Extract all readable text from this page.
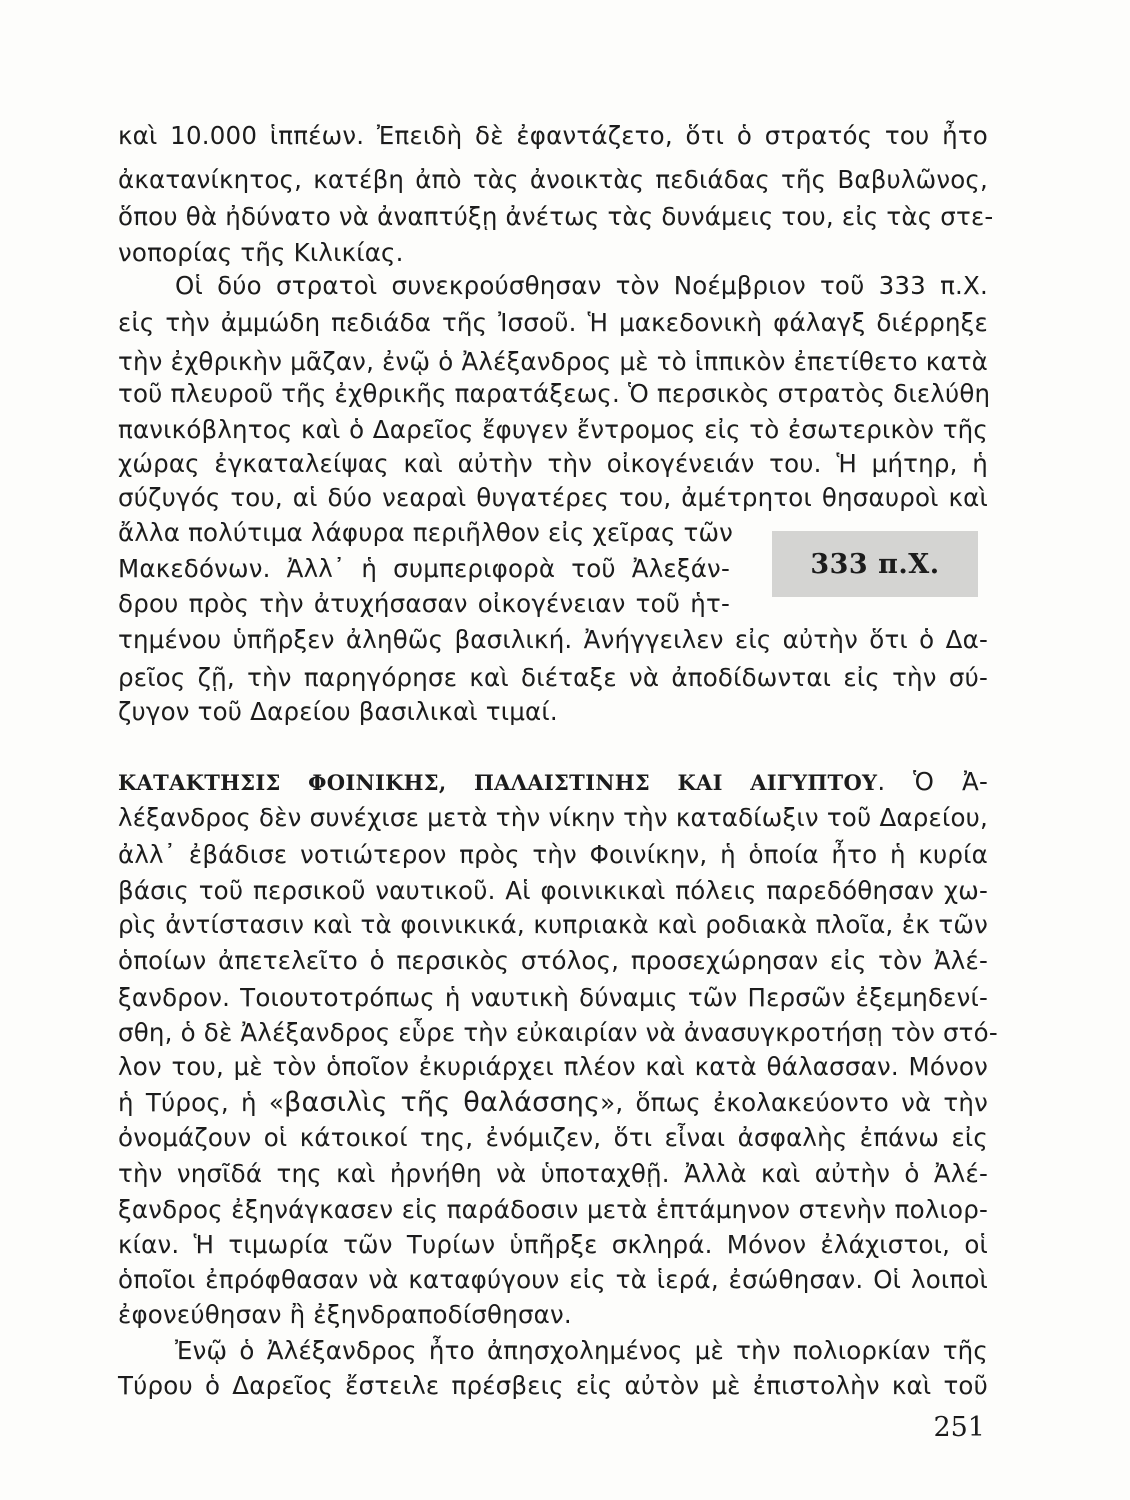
καὶ 10.000 ἱππέων. Ἐπειδὴ δὲ ἐφαντάζετο, ὅτι ὁ στρατός του ἦτο
ἀκατανίκητος, κατέβη ἀπὸ τὰς ἀνοικτὰς πεδιάδας τῆς Βαβυλῶνος,
ὅπου θὰ ἠδύνατο νὰ ἀναπτύξῃ ἀνέτως τὰς δυνάμεις του, εἰς τὰς στε-
νοπορίας τῆς Κιλικίας.
Οἱ δύο στρατοὶ συνεκρούσθησαν τὸν Νοέμβριον τοῦ 333 π.Χ.
εἰς τὴν ἀμμώδη πεδιάδα τῆς Ἰσσοῦ. Ἡ μακεδονικὴ φάλαγξ διέρρηξε
τὴν ἐχθρικὴν μᾶζαν, ἐνῷ ὁ Ἀλέξανδρος μὲ τὸ ἱππικὸν ἐπετίθετο κατὰ
τοῦ πλευροῦ τῆς ἐχθρικῆς παρατάξεως. Ὁ περσικὸς στρατὸς διελύθη
πανικόβλητος καὶ ὁ Δαρεῖος ἔφυγεν ἔντρομος εἰς τὸ ἐσωτερικὸν τῆς
χώρας ἐγκαταλείψας καὶ αὐτὴν τὴν οἰκογένειάν του. Ἡ μήτηρ, ἡ
σύζυγός του, αἱ δύο νεαραὶ θυγατέρες του, ἀμέτρητοι θησαυροὶ καὶ
ἄλλα πολύτιμα λάφυρα περιῆλθον εἰς χεῖρας τῶν
Μακεδόνων. Ἀλλ᾽ ἡ συμπεριφορὰ τοῦ Ἀλεξάν-
δρου πρὸς τὴν ἀτυχήσασαν οἰκογένειαν τοῦ ἡτ-
τημένου ὑπῆρξεν ἀληθῶς βασιλική. Ἀνήγγειλεν εἰς αὐτὴν ὅτι ὁ Δα-
ρεῖος ζῇ, τὴν παρηγόρησε καὶ διέταξε νὰ ἀποδίδωνται εἰς τὴν σύ-
ζυγον τοῦ Δαρείου βασιλικαὶ τιμαί.
333 π.Χ.
ΚΑΤΑΚΤΗΣΙΣ ΦΟΙΝΙΚΗΣ, ΠΑΛΑΙΣΤΙΝΗΣ ΚΑΙ ΑΙΓΥΠΤΟΥ. Ὁ Ἀ-
λέξανδρος δὲν συνέχισε μετὰ τὴν νίκην τὴν καταδίωξιν τοῦ Δαρείου,
ἀλλ᾽ ἐβάδισε νοτιώτερον πρὸς τὴν Φοινίκην, ἡ ὁποία ἦτο ἡ κυρία
βάσις τοῦ περσικοῦ ναυτικοῦ. Αἱ φοινικικαὶ πόλεις παρεδόθησαν χω-
ρὶς ἀντίστασιν καὶ τὰ φοινικικά, κυπριακὰ καὶ ροδιακὰ πλοῖα, ἐκ τῶν
ὁποίων ἀπετελεῖτο ὁ περσικὸς στόλος, προσεχώρησαν εἰς τὸν Ἀλέ-
ξανδρον. Τοιουτοτρόπως ἡ ναυτικὴ δύναμις τῶν Περσῶν ἐξεμηδενί-
σθη, ὁ δὲ Ἀλέξανδρος εὗρε τὴν εὐκαιρίαν νὰ ἀνασυγκροτήσῃ τὸν στό-
λον του, μὲ τὸν ὁποῖον ἐκυριάρχει πλέον καὶ κατὰ θάλασσαν. Μόνον
ἡ Τύρος, ἡ «βασιλὶς τῆς θαλάσσης», ὅπως ἐκολακεύοντο νὰ τὴν
ὀνομάζουν οἱ κάτοικοί της, ἐνόμιζεν, ὅτι εἶναι ἀσφαλὴς ἐπάνω εἰς
τὴν νησῖδά της καὶ ἠρνήθη νὰ ὑποταχθῇ. Ἀλλὰ καὶ αὐτὴν ὁ Ἀλέ-
ξανδρος ἐξηνάγκασεν εἰς παράδοσιν μετὰ ἑπτάμηνον στενὴν πολιορ-
κίαν. Ἡ τιμωρία τῶν Τυρίων ὑπῆρξε σκληρά. Μόνον ἐλάχιστοι, οἱ
ὁποῖοι ἐπρόφθασαν νὰ καταφύγουν εἰς τὰ ἱερά, ἐσώθησαν. Οἱ λοιποὶ
ἐφονεύθησαν ἢ ἐξηνδραποδίσθησαν.
Ἐνῷ ὁ Ἀλέξανδρος ἦτο ἀπησχολημένος μὲ τὴν πολιορκίαν τῆς
Τύρου ὁ Δαρεῖος ἔστειλε πρέσβεις εἰς αὐτὸν μὲ ἐπιστολὴν καὶ τοῦ
251
